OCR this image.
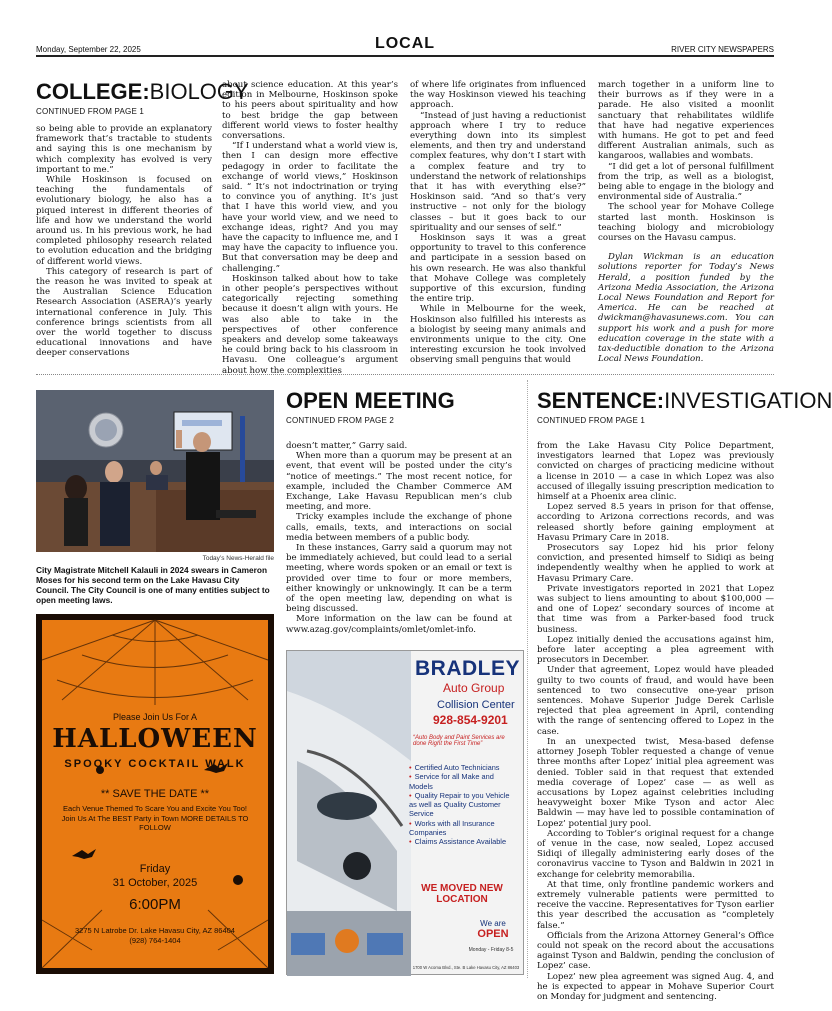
Monday, September 22, 2025	LOCAL	RIVER CITY NEWSPAPERS
COLLEGE:BIOLOGY
CONTINUED FROM PAGE 1

so being able to provide an explanatory framework that’s tractable to students and saying this is one mechanism by which complexity has evolved is very important to me.”

While Hoskinson is focused on teaching the fundamentals of evolutionary biology, he also has a piqued interest in different theories of life and how we understand the world around us. In his previous work, he had completed philosophy research related to evolution education and the bridging of different world views.

This category of research is part of the reason he was invited to speak at the Australian Science Education Research Association (ASERA)’s yearly international conference in July. This conference brings scientists from all over the world together to discuss educational innovations and have deeper conservations

about science education. At this year’s edition in Melbourne, Hoskinson spoke to his peers about spirituality and how to best bridge the gap between different world views to foster healthy conversations.

“If I understand what a world view is, then I can design more effective pedagogy in order to facilitate the exchange of world views,” Hoskinson said. “ It’s not indoctrination or trying to convince you of anything. It’s just that I have this world view, and you have your world view, and we need to exchange ideas, right? And you may have the capacity to influence me, and I may have the capacity to influence you. But that conversation may be deep and challenging.”

Hoskinson talked about how to take in other people’s perspectives without categorically rejecting something because it doesn’t align with yours. He was also able to take in the perspectives of other conference speakers and develop some takeaways he could bring back to his classroom in Havasu. One colleague’s argument about how the complexities

of where life originates from influenced the way Hoskinson viewed his teaching approach.

“Instead of just having a reductionist approach where I try to reduce everything down into its simplest elements, and then try and understand complex features, why don’t I start with a complex feature and try to understand the network of relationships that it has with everything else?” Hoskinson said. “And so that’s very instructive – not only for the biology classes – but it goes back to our spirituality and our senses of self.”

Hoskinson says it was a great opportunity to travel to this conference and participate in a session based on his own research. He was also thankful that Mohave College was completely supportive of this excursion, funding the entire trip.

While in Melbourne for the week, Hoskinson also fulfilled his interests as a biologist by seeing many animals and environments unique to the city. One interesting excursion he took involved observing small penguins that would

march together in a uniform line to their burrows as if they were in a parade. He also visited a moonlit sanctuary that rehabilitates wildlife that have had negative experiences with humans. He got to pet and feed different Australian animals, such as kangaroos, wallabies and wombats.

“I did get a lot of personal fulfillment from the trip, as well as a biologist, being able to engage in the biology and environmental side of Australia.”

The school year for Mohave College started last month. Hoskinson is teaching biology and microbiology courses on the Havasu campus.

Dylan Wickman is an education solutions reporter for Today’s News Herald, a position funded by the Arizona Media Association, the Arizona Local News Foundation and Report for America. He can be reached at dwickman@havasunews.com. You can support his work and a push for more education coverage in the state with a tax-deductible donation to the Arizona Local News Foundation.

Today’s News-Herald file
City Magistrate Mitchell Kalauli in 2024 swears in Cameron Moses for his second term on the Lake Havasu City Council. The City Council is one of many entities subject to open meeting laws.
Please Join Us For A
HALLOWEEN
SPOOKY COCKTAIL WALK
** SAVE THE DATE **
Each Venue Themed To Scare You and Excite You Too! Join Us At The BEST Party in Town MORE DETAILS TO FOLLOW
Friday
31 October, 2025
6:00PM
3275 N Latrobe Dr. Lake Havasu City, AZ 86404
(928) 764-1404
OPEN MEETING
CONTINUED FROM PAGE 2

doesn’t matter,” Garry said.

When more than a quorum may be present at an event, that event will be posted under the city’s “notice of meetings.” The most recent notice, for example, included the Chamber Commerce AM Exchange, Lake Havasu Republican men’s club meeting, and more.

Tricky examples include the exchange of phone calls, emails, texts, and interactions on social media between members of a public body.

In these instances, Garry said a quorum may not be immediately achieved, but could lead to a serial meeting, where words spoken or an email or text is provided over time to four or more members, either knowingly or unknowingly. It can be a term of the open meeting law, depending on what is being discussed.

More information on the law can be found at www.azag.gov/complaints/omlet/omlet-info.

BRADLEY
Auto Group
Collision Center
928-854-9201
“Auto Body and Paint Services are done Right the First Time”
• Certified Auto Technicians
• Service for all Make and Models
• Quality Repair to you Vehicle as well as Quality Customer Service
• Works with all Insurance Companies
• Claims Assistance Available
WE MOVED NEW LOCATION
We are
OPEN
Monday - Friday 8-5
1700 W Acoma Blvd., Ste. B Lake Havasu City, AZ 86403
SENTENCE:INVESTIGATION
CONTINUED FROM PAGE 1

from the Lake Havasu City Police Department, investigators learned that Lopez was previously convicted on charges of practicing medicine without a license in 2010 — a case in which Lopez was also accused of illegally issuing prescription medication to himself at a Phoenix area clinic.

Lopez served 8.5 years in prison for that offense, according to Arizona corrections records, and was released shortly before gaining employment at Havasu Primary Care in 2018.

Prosecutors say Lopez hid his prior felony conviction, and presented himself to Sidiqi as being independently wealthy when he applied to work at Havasu Primary Care.

Private investigators reported in 2021 that Lopez was subject to liens amounting to about $100,000 — and one of Lopez’ secondary sources of income at that time was from a Parker-based food truck business.

Lopez initially denied the accusations against him, before later accepting a plea agreement with prosecutors in December.

Under that agreement, Lopez would have pleaded guilty to two counts of fraud, and would have been sentenced to two consecutive one-year prison sentences. Mohave Superior Judge Derek Carlisle rejected that plea agreement in April, contending with the range of sentencing offered to Lopez in the case.

In an unexpected twist, Mesa-based defense attorney Joseph Tobler requested a change of venue three months after Lopez’ initial plea agreement was denied. Tobler said in that request that extended media coverage of Lopez’ case — as well as accusations by Lopez against celebrities including heavyweight boxer Mike Tyson and actor Alec Baldwin — may have led to possible contamination of Lopez’ potential jury pool.

According to Tobler’s original request for a change of venue in the case, now sealed, Lopez accused Sidiqi of illegally administering early doses of the coronavirus vaccine to Tyson and Baldwin in 2021 in exchange for celebrity memorabilia.

At that time, only frontline pandemic workers and extremely vulnerable patients were permitted to receive the vaccine. Representatives for Tyson earlier this year described the accusation as “completely false.”

Officials from the Arizona Attorney General’s Office could not speak on the record about the accusations against Tyson and Baldwin, pending the conclusion of Lopez’ case.

Lopez’ new plea agreement was signed Aug. 4, and he is expected to appear in Mohave Superior Court on Monday for judgment and sentencing.
